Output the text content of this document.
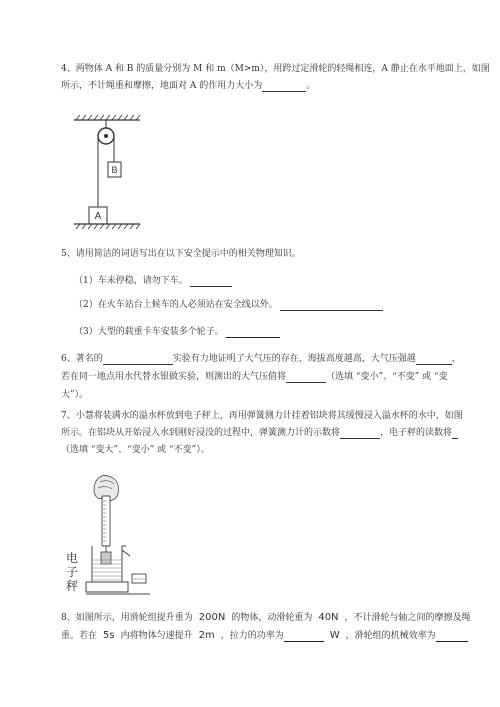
4、两物体 A 和 B 的质量分别为 M 和 m（M>m），用跨过定滑轮的轻绳相连，A 静止在水平地面上，如图
所示，不计绳重和摩擦，地面对 A 的作用力大小为	。
B
A
5、请用简洁的词语写出在以下安全提示中的相关物理知识。
（1）车未停稳，请勿下车。
（2）在火车站台上候车的人必须站在安全线以外。
（3）大型的载重卡车安装多个轮子。
6、著名的	实验有力地证明了大气压的存在，海拔高度越高，大气压强越	，
若在同一地点用水代替水银做实验，则测出的大气压值将	（选填 “变小”、“不变” 或 “变
大”）。
7、小慧将装满水的溢水杯放到电子秤上，再用弹簧测力计挂着铝块将其缓慢浸入溢水杯的水中，如图
所示。在铝块从开始浸入水到刚好浸没的过程中，弹簧测力计的示数将	，电子秤的读数将
（选填 “变大”、“变小” 或 “不变”）。
电
子
秤
8、如图所示，用滑轮组提升重为 200N 的物体，动滑轮重为 40N ，不计滑轮与轴之间的摩擦及绳
重。若在 5s 内将物体匀速提升 2m ，拉力的功率为	W ，滑轮组的机械效率为
